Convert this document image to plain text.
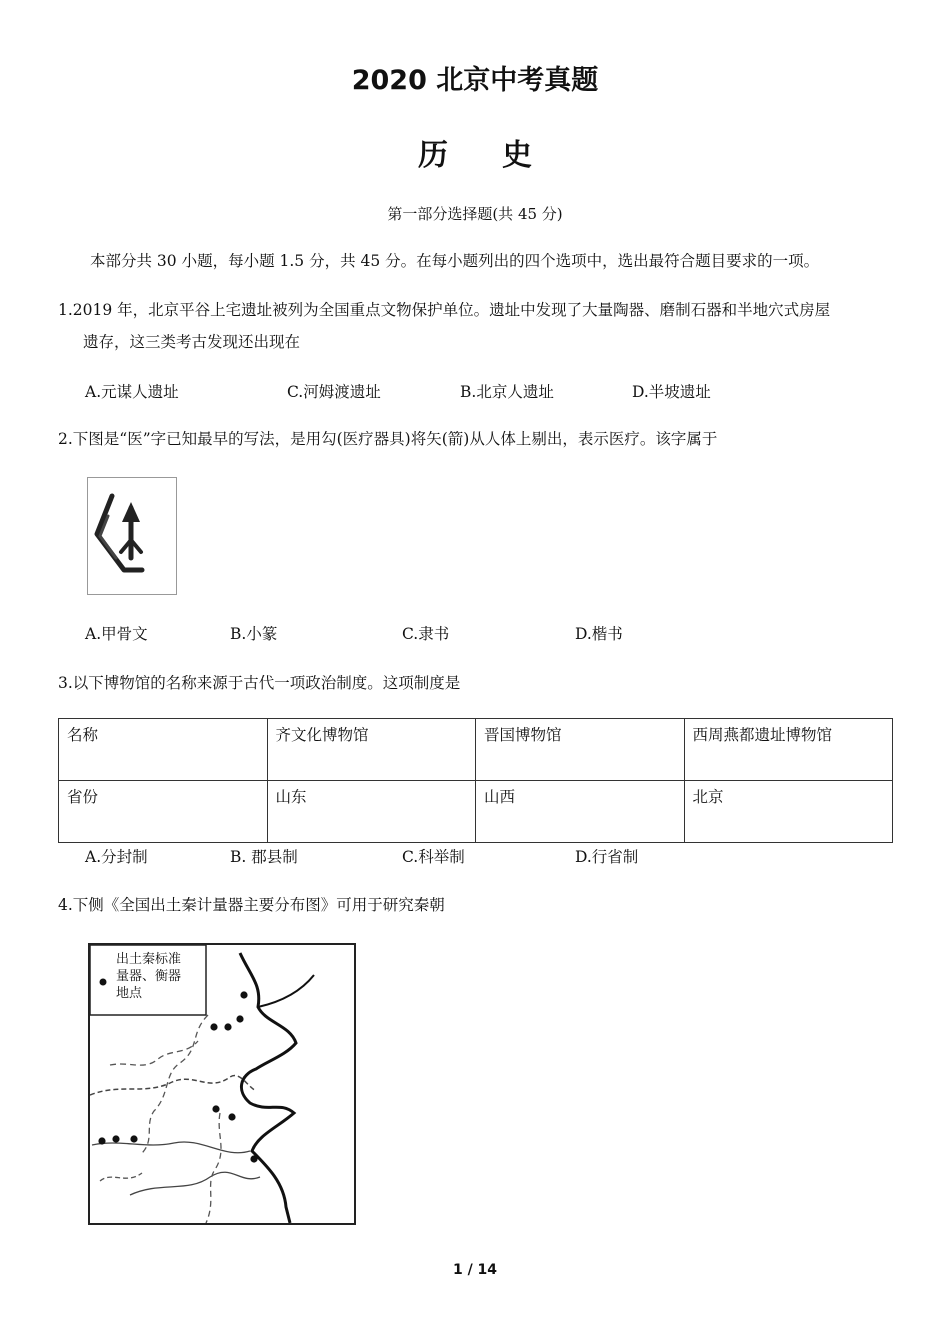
2020 北京中考真题
历史
第一部分选择题(共 45 分)
本部分共 30 小题，每小题 1.5 分，共 45 分。在每小题列出的四个选项中，选出最符合题目要求的一项。
1.2019 年，北京平谷上宅遗址被列为全国重点文物保护单位。遗址中发现了大量陶器、磨制石器和半地穴式房屋
遗存，这三类考古发现还出现在
A.元谋人遗址	C.河姆渡遗址	B.北京人遗址	D.半坡遗址
2.下图是“医”字已知最早的写法，是用勾(医疗器具)将矢(箭)从人体上剔出，表示医疗。该字属于
A.甲骨文	B.小篆	C.隶书	D.楷书
3.以下博物馆的名称来源于古代一项政治制度。这项制度是
名称	齐文化博物馆	晋国博物馆	西周燕都遗址博物馆
省份	山东	山西	北京
A.分封制	B. 郡县制	C.科举制	D.行省制
4.下侧《全国出土秦计量器主要分布图》可用于研究秦朝
出土秦标准
量器、衡器
地点
1 / 14
